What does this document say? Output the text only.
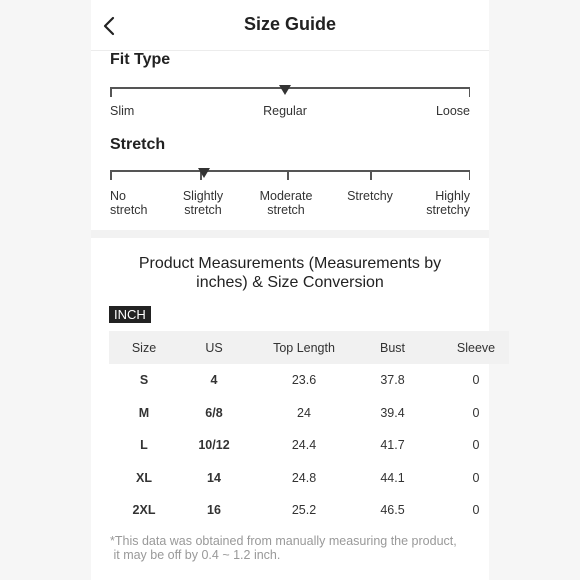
Size Guide
Fit Type
Slim	Regular	Loose
Stretch
No
stretch
Slightly
stretch
Moderate
stretch
Stretchy	Highly
stretchy
Product Measurements (Measurements by
inches) & Size Conversion
INCH
Size	US	Top Length	Bust	Sleeve
S	4	23.6	37.8	0
M	6/8	24	39.4	0
L	10/12	24.4	41.7	0
XL	14	24.8	44.1	0
2XL	16	25.2	46.5	0
*This data was obtained from manually measuring the product,
it may be off by 0.4 ~ 1.2 inch.
